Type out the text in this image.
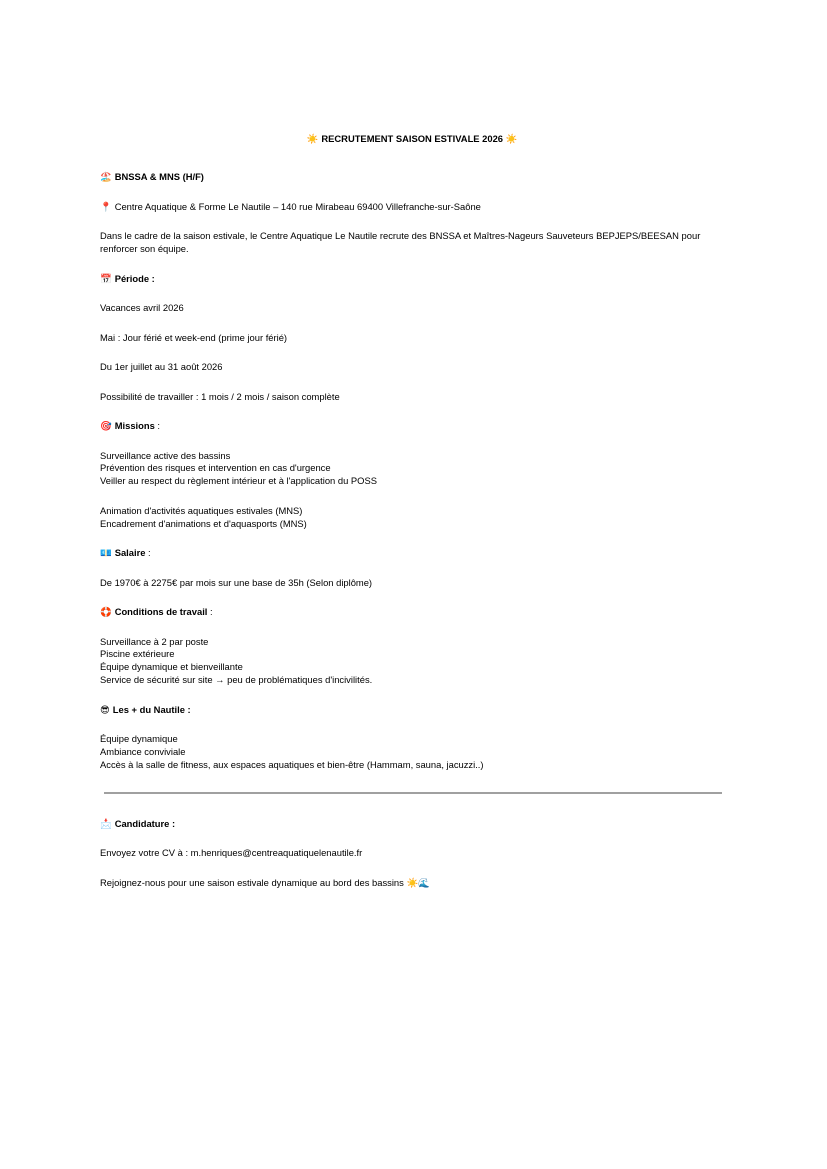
☀️ RECRUTEMENT SAISON ESTIVALE 2026 ☀️
🏖️ BNSSA & MNS (H/F)
📍 Centre Aquatique & Forme Le Nautile – 140 rue Mirabeau 69400 Villefranche-sur-Saône
Dans le cadre de la saison estivale, le Centre Aquatique Le Nautile recrute des BNSSA et Maîtres-Nageurs Sauveteurs BEPJEPS/BEESAN pour renforcer son équipe.
📅 Période :
Vacances avril 2026
Mai : Jour férié et week-end (prime jour férié)
Du 1er juillet au 31 août 2026
Possibilité de travailler : 1 mois / 2 mois / saison complète
🎯 Missions :
Surveillance active des bassins
Prévention des risques et intervention en cas d'urgence
Veiller au respect du règlement intérieur et à l'application du POSS
Animation d'activités aquatiques estivales (MNS)
Encadrement d'animations et d'aquasports (MNS)
💶 Salaire :
De 1970€ à 2275€ par mois sur une base de 35h (Selon diplôme)
🛟 Conditions de travail :
Surveillance à 2 par poste
Piscine extérieure
Équipe dynamique et bienveillante
Service de sécurité sur site → peu de problématiques d'incivilités.
😎 Les + du Nautile :
Équipe dynamique
Ambiance conviviale
Accès à la salle de fitness, aux espaces aquatiques et bien-être (Hammam, sauna, jacuzzi..)
📩 Candidature :
Envoyez votre CV à : m.henriques@centreaquatiquelenautile.fr
Rejoignez-nous pour une saison estivale dynamique au bord des bassins ☀️🌊
